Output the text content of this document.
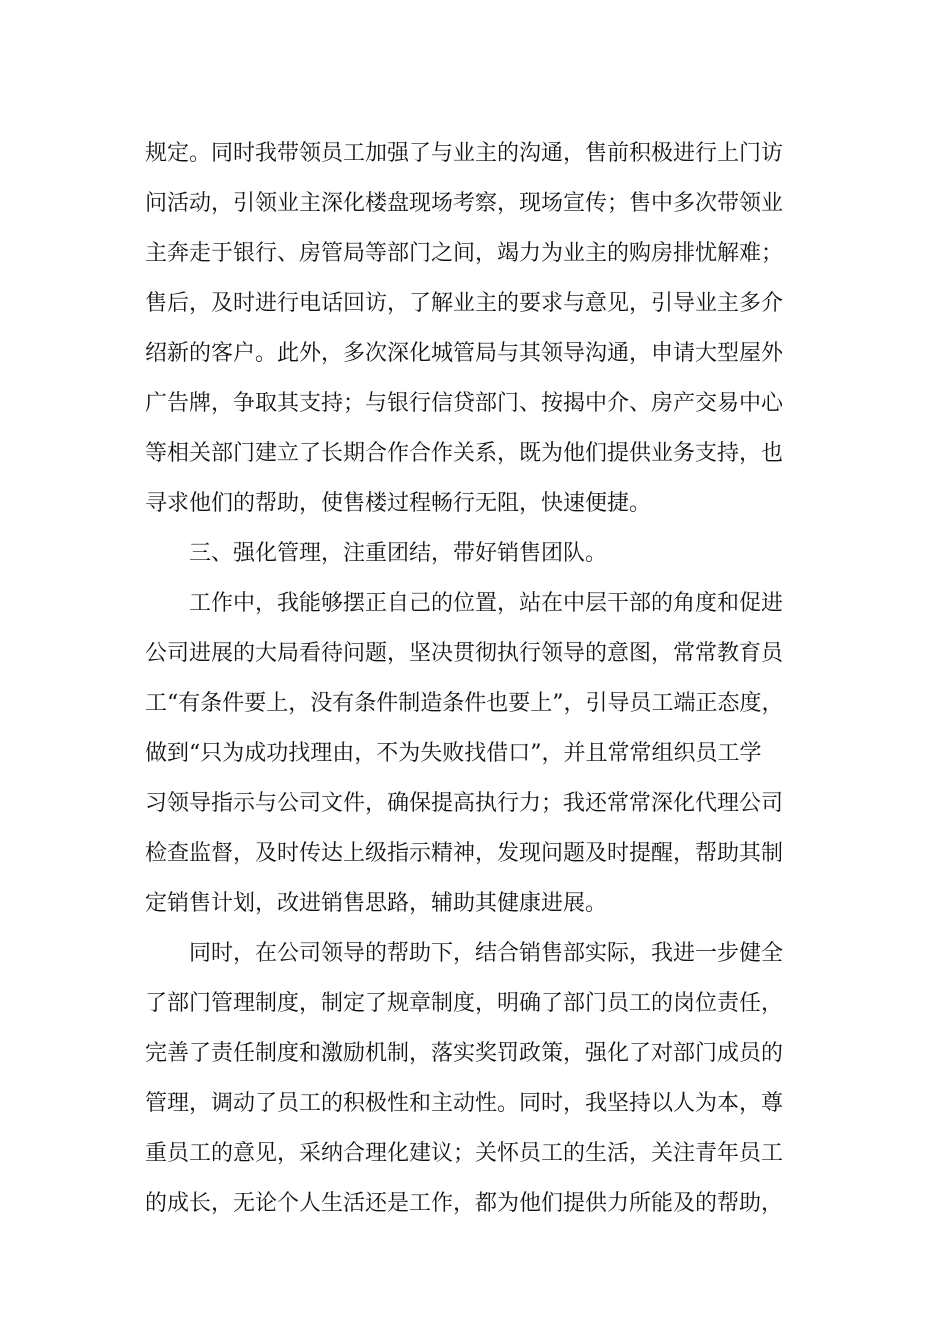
规定。同时我带领员工加强了与业主的沟通，售前积极进行上门访
问活动，引领业主深化楼盘现场考察，现场宣传；售中多次带领业
主奔走于银行、房管局等部门之间，竭力为业主的购房排忧解难；
售后，及时进行电话回访，了解业主的要求与意见，引导业主多介
绍新的客户。此外，多次深化城管局与其领导沟通，申请大型屋外
广告牌，争取其支持；与银行信贷部门、按揭中介、房产交易中心
等相关部门建立了长期合作合作关系，既为他们提供业务支持，也
寻求他们的帮助，使售楼过程畅行无阻，快速便捷。
三、强化管理，注重团结，带好销售团队。
工作中，我能够摆正自己的位置，站在中层干部的角度和促进
公司进展的大局看待问题，坚决贯彻执行领导的意图，常常教育员
工“有条件要上，没有条件制造条件也要上”，引导员工端正态度，
做到“只为成功找理由，不为失败找借口”，并且常常组织员工学
习领导指示与公司文件，确保提高执行力；我还常常深化代理公司
检查监督，及时传达上级指示精神，发现问题及时提醒，帮助其制
定销售计划，改进销售思路，辅助其健康进展。
同时，在公司领导的帮助下，结合销售部实际，我进一步健全
了部门管理制度，制定了规章制度，明确了部门员工的岗位责任，
完善了责任制度和激励机制，落实奖罚政策，强化了对部门成员的
管理，调动了员工的积极性和主动性。同时，我坚持以人为本，尊
重员工的意见，采纳合理化建议；关怀员工的生活，关注青年员工
的成长，无论个人生活还是工作，都为他们提供力所能及的帮助，
